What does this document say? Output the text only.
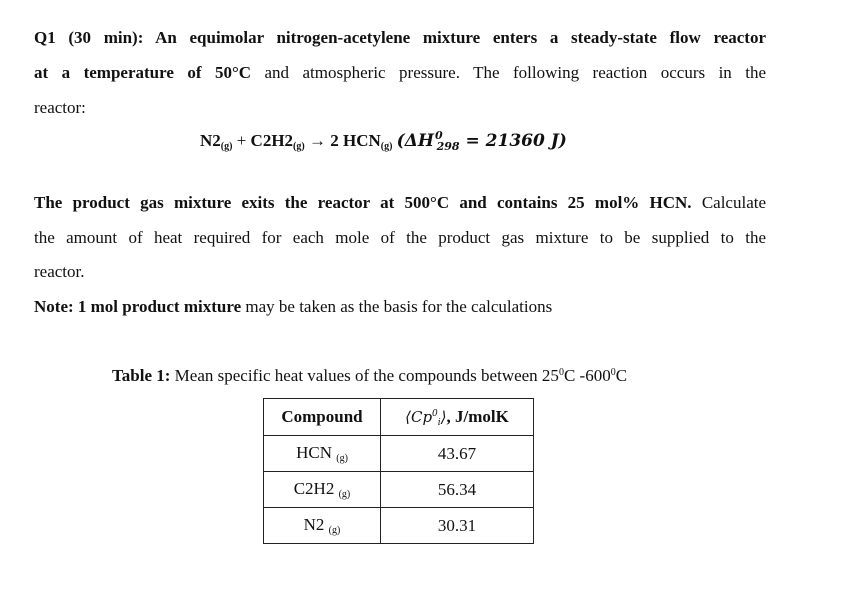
Q1 (30 min): An equimolar nitrogen-acetylene mixture enters a steady-state flow reactor

at a temperature of 50°C and atmospheric pressure. The following reaction occurs in the

reactor:
$N2_{(g)} + C2H2_{(g)} \to 2$ $HCN_{(g)}$ ($\Delta H^0_{298} = 21360$ J)

The product gas mixture exits the reactor at 500°C and contains 25 mol% HCN. Calculate

the amount of heat required for each mole of the product gas mixture to be supplied to the

reactor.
Note: 1 mol product mixture may be taken as the basis for the calculations
Table 1: Mean specific heat values of the compounds between $25^0C$ $-600^0C$
Compound	$⟨Cp^0_i⟩$, J/molK
HCN $_{(g)}$	43.67
C2H2 $_{(g)}$	56.34
N2 $_{(g)}$	30.31
